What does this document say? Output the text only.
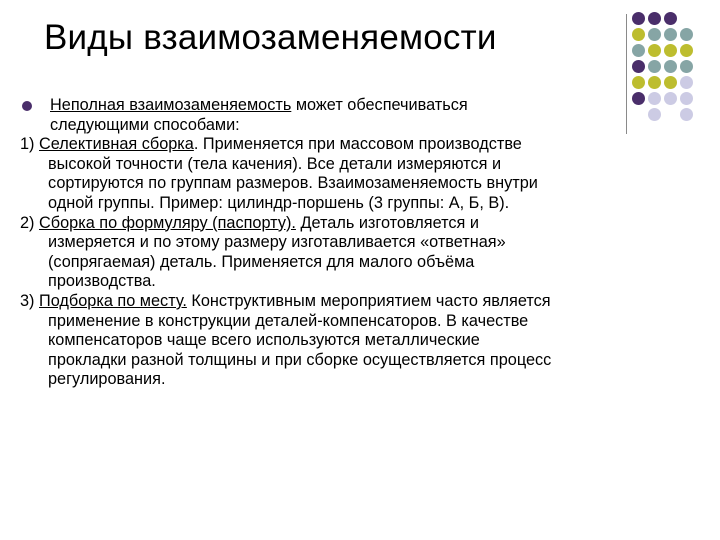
Виды взаимозаменяемости
Неполная взаимозаменяемость может обеспечиваться
следующими способами:
1) Селективная сборка. Применяется при массовом производстве
высокой точности (тела качения). Все детали измеряются и
сортируются по группам размеров. Взаимозаменяемость внутри
одной группы. Пример: цилиндр-поршень (3 группы: А, Б, В).
2) Сборка по формуляру (паспорту). Деталь изготовляется и
измеряется и по этому размеру изготавливается «ответная»
(сопрягаемая) деталь. Применяется для малого объёма
производства.
3) Подборка по месту. Конструктивным мероприятием часто является
применение в конструкции деталей-компенсаторов. В качестве
компенсаторов чаще всего используются металлические
прокладки разной толщины и при сборке осуществляется процесс
регулирования.
